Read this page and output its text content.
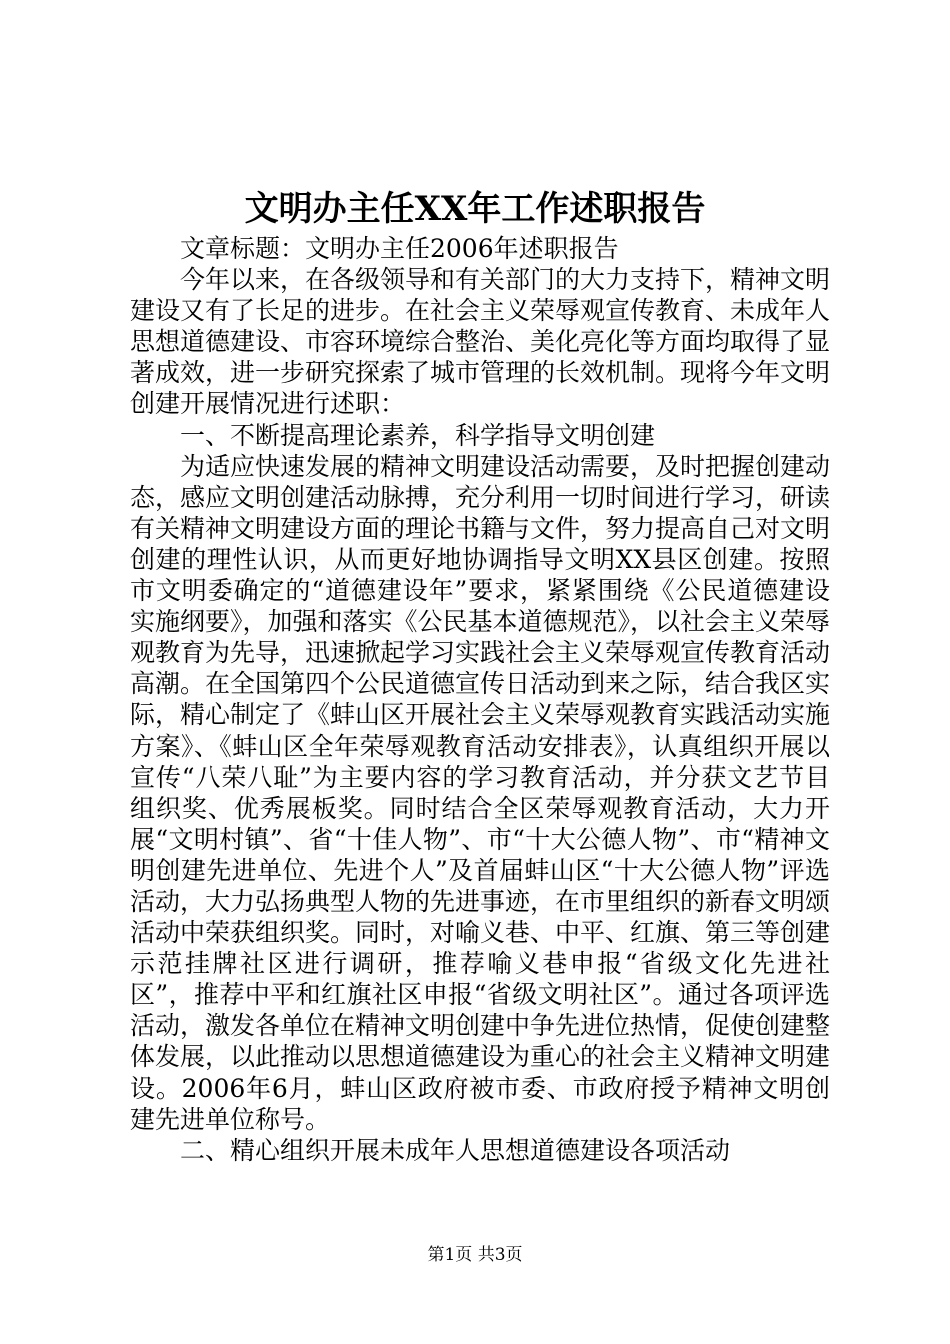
文明办主任XX年工作述职报告

文章标题：文明办主任2006年述职报告

今年以来，在各级领导和有关部门的大力支持下，精神文明建设又有了长足的进步。在社会主义荣辱观宣传教育、未成年人思想道德建设、市容环境综合整治、美化亮化等方面均取得了显著成效，进一步研究探索了城市管理的长效机制。现将今年文明创建开展情况进行述职：

一、不断提高理论素养，科学指导文明创建

为适应快速发展的精神文明建设活动需要，及时把握创建动态，感应文明创建活动脉搏，充分利用一切时间进行学习，研读有关精神文明建设方面的理论书籍与文件，努力提高自己对文明创建的理性认识，从而更好地协调指导文明XX县区创建。按照市文明委确定的“道德建设年”要求，紧紧围绕《公民道德建设实施纲要》，加强和落实《公民基本道德规范》，以社会主义荣辱观教育为先导，迅速掀起学习实践社会主义荣辱观宣传教育活动高潮。在全国第四个公民道德宣传日活动到来之际，结合我区实际，精心制定了《蚌山区开展社会主义荣辱观教育实践活动实施方案》、《蚌山区全年荣辱观教育活动安排表》，认真组织开展以宣传“八荣八耻”为主要内容的学习教育活动，并分获文艺节目组织奖、优秀展板奖。同时结合全区荣辱观教育活动，大力开展“文明村镇”、省“十佳人物”、市“十大公德人物”、市“精神文明创建先进单位、先进个人”及首届蚌山区“十大公德人物”评选活动，大力弘扬典型人物的先进事迹，在市里组织的新春文明颂活动中荣获组织奖。同时，对喻义巷、中平、红旗、第三等创建示范挂牌社区进行调研，推荐喻义巷申报“省级文化先进社区”，推荐中平和红旗社区申报“省级文明社区”。通过各项评选活动，激发各单位在精神文明创建中争先进位热情，促使创建整体发展，以此推动以思想道德建设为重心的社会主义精神文明建设。2006年6月，蚌山区政府被市委、市政府授予精神文明创建先进单位称号。

二、精心组织开展未成年人思想道德建设各项活动

第1页 共3页
